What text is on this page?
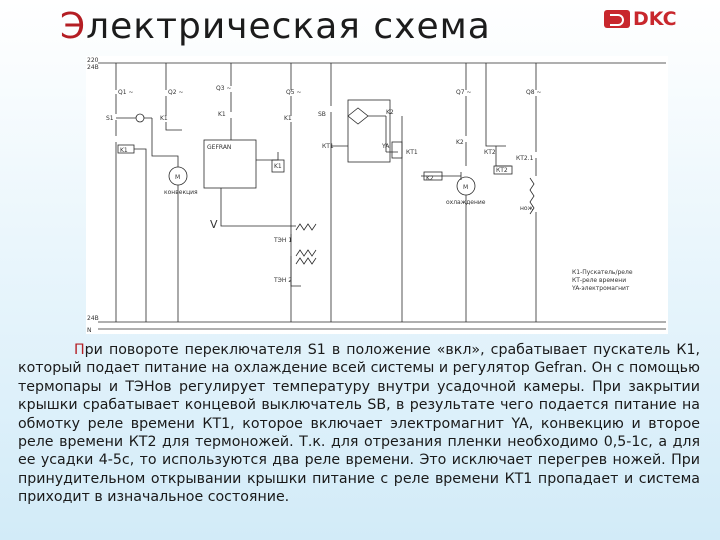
Электрическая схема	DKC
220
24В
24В
N
Q1 ~	Q2 ~
Q3 ~
Q5 ~	Q7 ~	Q8 ~
S1	K1
K1
K1
K1
K1
GEFRAN
SB	K2
K2
K2
КТ1
КТ1	КТ2
КТ2
КТ2.1
YA
ТЭН 1
ТЭН 2
M
M
конвекция
охлаждение
нож
V
К1-Пускатель/реле
КТ-реле времени
YA-электромагнит
При повороте переключателя S1 в положение «вкл», срабатывает пускатель К1, который подает питание на охлаждение всей системы и регулятор Gefran. Он с помощью термопары и ТЭНов регулирует температуру внутри усадочной камеры. При закрытии крышки срабатывает концевой выключатель SB, в результате чего подается питание на обмотку реле времени КТ1, которое включает электромагнит YA, конвекцию и второе реле времени КТ2 для термоножей. Т.к. для отрезания пленки необходимо 0,5-1с, а для ее усадки 4-5с, то используются два реле времени. Это исключает перегрев ножей. При принудительном открывании крышки питание с реле времени КТ1 пропадает и система приходит в изначальное состояние.
